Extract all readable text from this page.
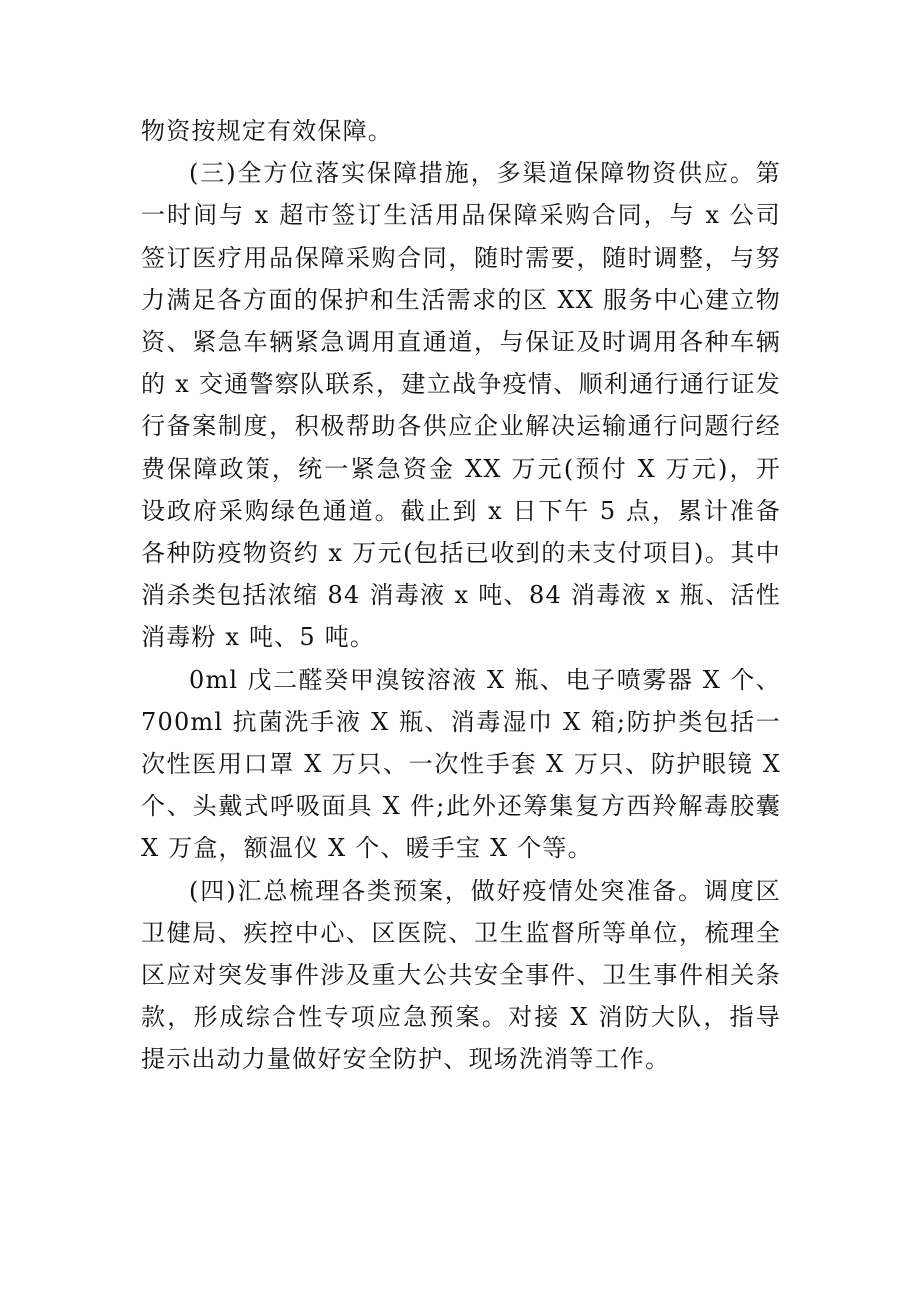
物资按规定有效保障。

(三)全方位落实保障措施，多渠道保障物资供应。第一时间与 x 超市签订生活用品保障采购合同，与 x 公司签订医疗用品保障采购合同，随时需要，随时调整，与努力满足各方面的保护和生活需求的区 XX 服务中心建立物资、紧急车辆紧急调用直通道，与保证及时调用各种车辆的 x 交通警察队联系，建立战争疫情、顺利通行通行证发行备案制度，积极帮助各供应企业解决运输通行问题行经费保障政策，统一紧急资金 XX 万元(预付 X 万元)，开设政府采购绿色通道。截止到 x 日下午 5 点，累计准备各种防疫物资约 x 万元(包括已收到的未支付项目)。其中消杀类包括浓缩 84 消毒液 x 吨、84 消毒液 x 瓶、活性消毒粉 x 吨、5 吨。

0ml 戊二醛癸甲溴铵溶液 X 瓶、电子喷雾器 X 个、700ml 抗菌洗手液 X 瓶、消毒湿巾 X 箱;防护类包括一次性医用口罩 X 万只、一次性手套 X 万只、防护眼镜 X 个、头戴式呼吸面具 X 件;此外还筹集复方西羚解毒胶囊 X 万盒，额温仪 X 个、暖手宝 X 个等。

(四)汇总梳理各类预案，做好疫情处突准备。调度区卫健局、疾控中心、区医院、卫生监督所等单位，梳理全区应对突发事件涉及重大公共安全事件、卫生事件相关条款，形成综合性专项应急预案。对接 X 消防大队，指导提示出动力量做好安全防护、现场洗消等工作。
